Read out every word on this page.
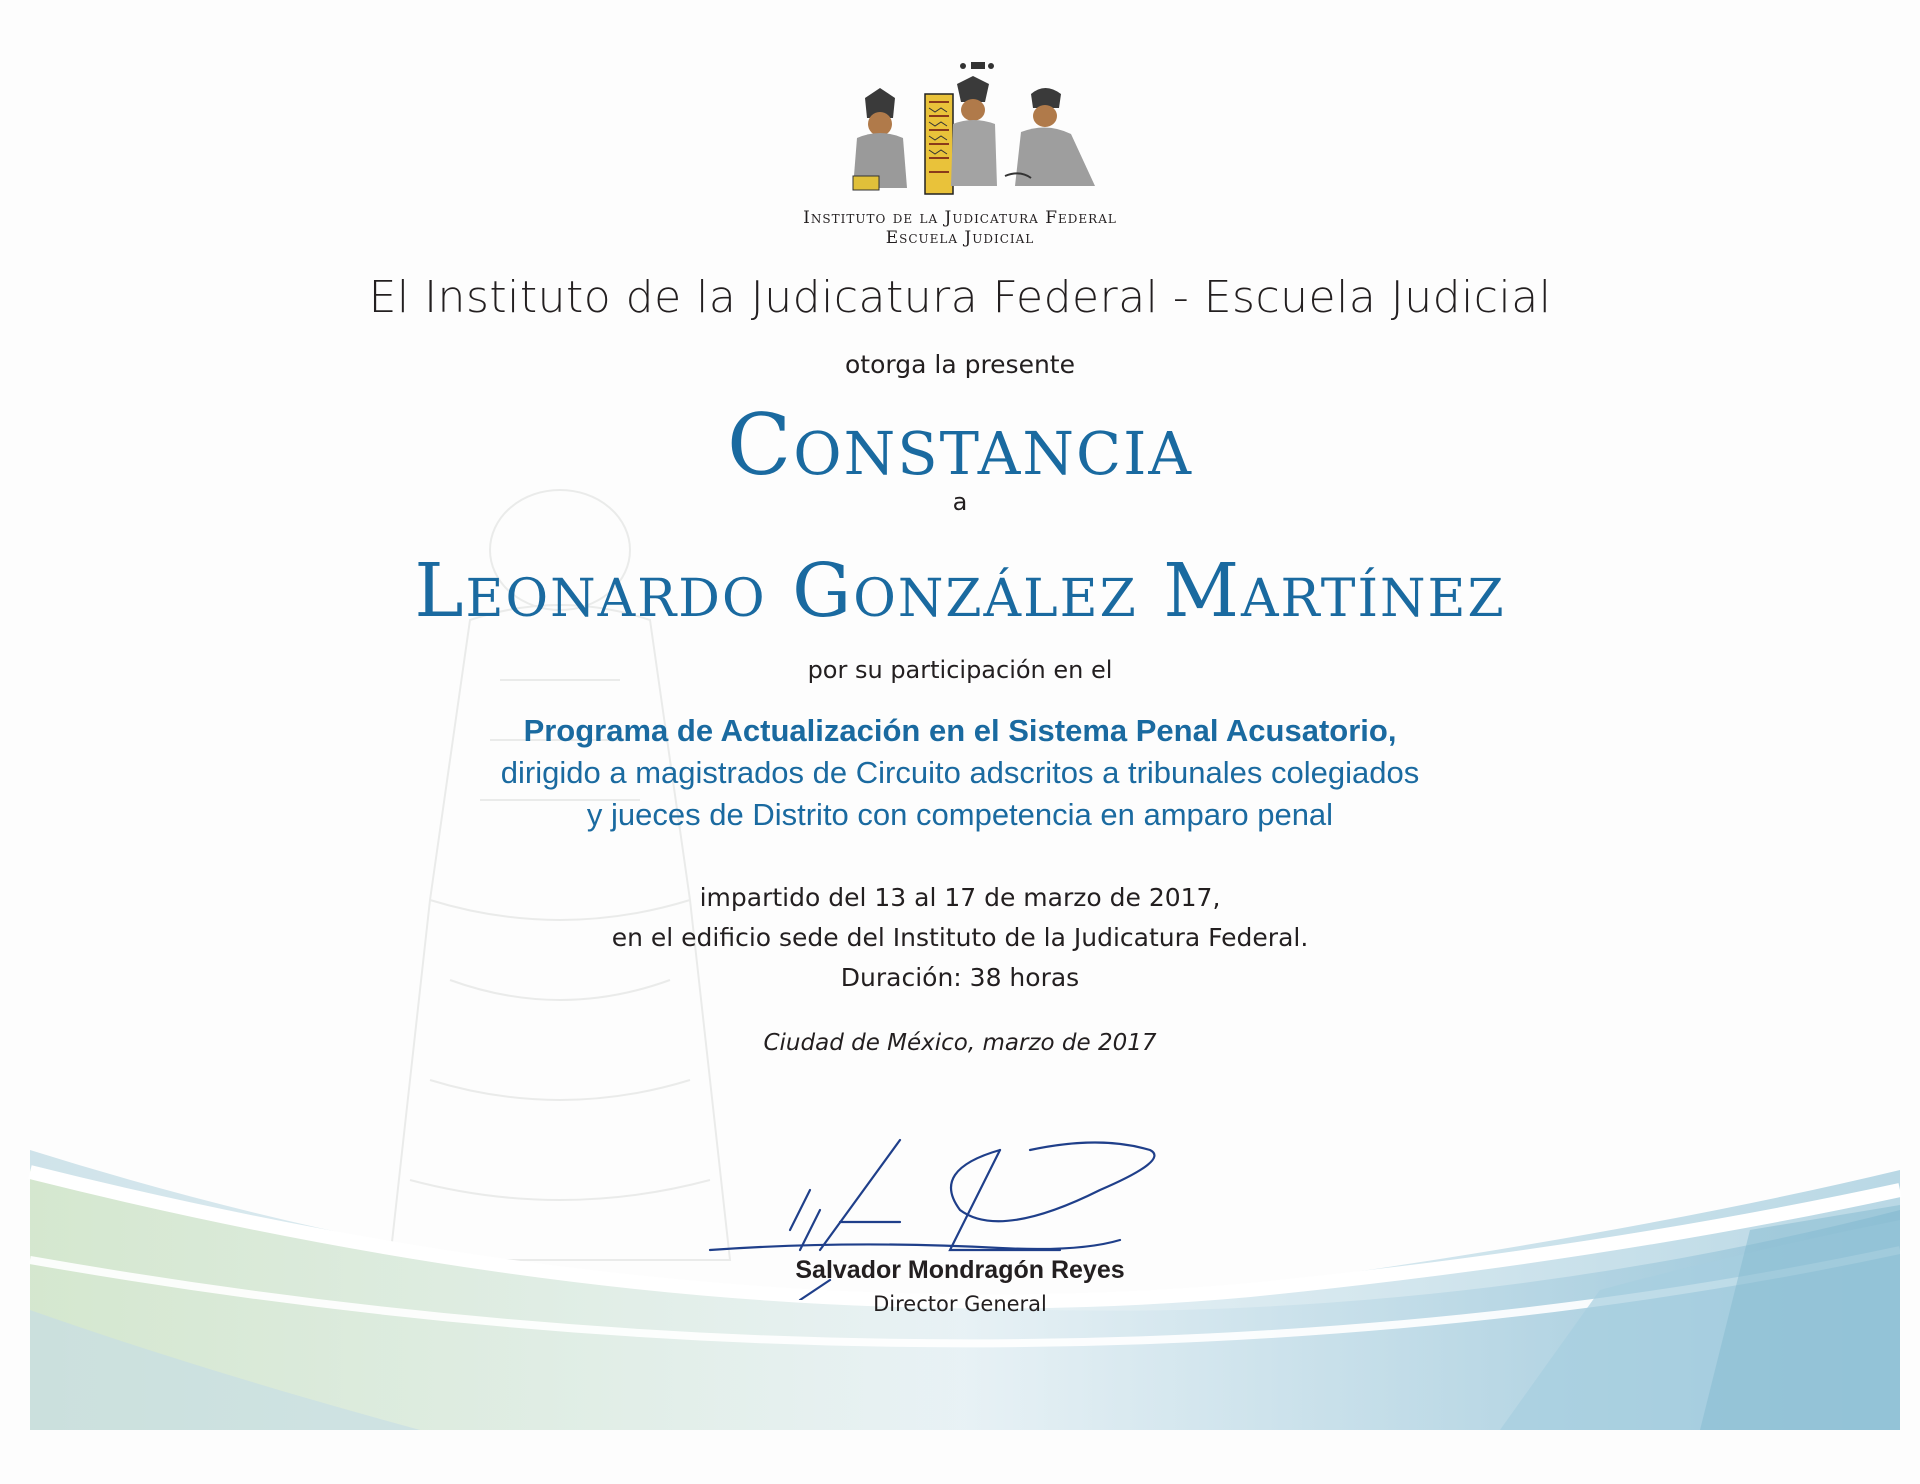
Instituto de la Judicatura Federal
Escuela Judicial
El Instituto de la Judicatura Federal - Escuela Judicial
otorga la presente
Constancia
a
Leonardo González Martínez
por su participación en el
Programa de Actualización en el Sistema Penal Acusatorio,
dirigido a magistrados de Circuito adscritos a tribunales colegiados
y jueces de Distrito con competencia en amparo penal
impartido del 13 al 17 de marzo de 2017,
en el edificio sede del Instituto de la Judicatura Federal.
Duración: 38 horas
Ciudad de México, marzo de 2017
Salvador Mondragón Reyes
Director General
